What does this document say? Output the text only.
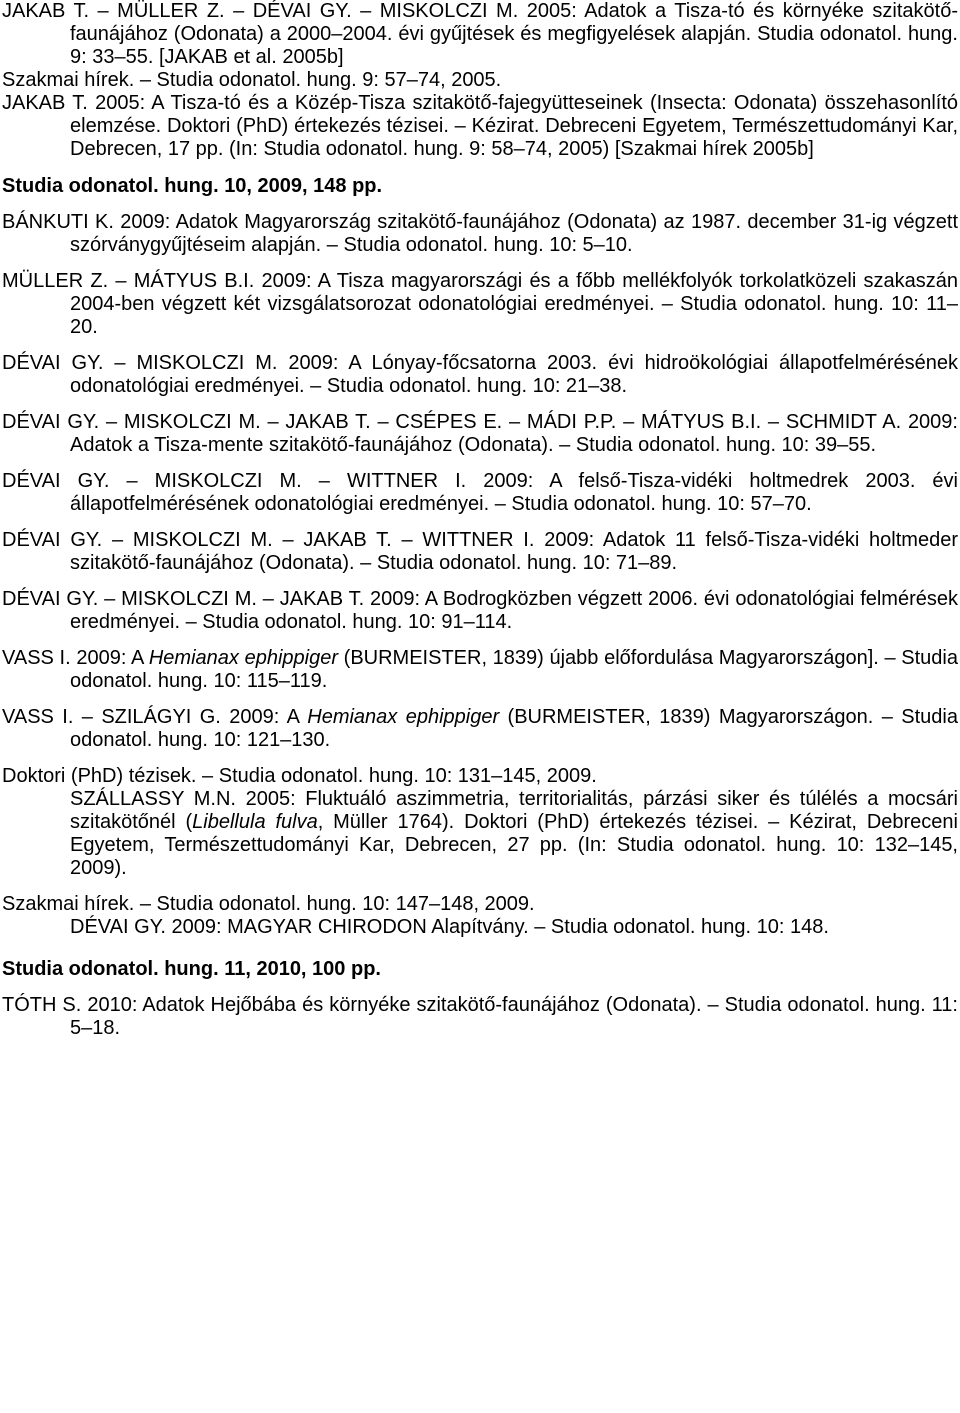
JAKAB T. – MÜLLER Z. – DÉVAI GY. – MISKOLCZI M. 2005: Adatok a Tisza-tó és környéke szitakötő-faunájához (Odonata) a 2000–2004. évi gyűjtések és megfigyelések alapján. Studia odonatol. hung. 9: 33–55. [JAKAB et al. 2005b]

Szakmai hírek. – Studia odonatol. hung. 9: 57–74, 2005.

JAKAB T. 2005: A Tisza-tó és a Közép-Tisza szitakötő-fajegyütteseinek (Insecta: Odonata) összehasonlító elemzése. Doktori (PhD) értekezés tézisei. – Kézirat. Debreceni Egyetem, Természettudományi Kar, Debrecen, 17 pp. (In: Studia odonatol. hung. 9: 58–74, 2005) [Szakmai hírek 2005b]

Studia odonatol. hung. 10, 2009, 148 pp.

BÁNKUTI K. 2009: Adatok Magyarország szitakötő-faunájához (Odonata) az 1987. december 31-ig végzett szórványgyűjtéseim alapján. – Studia odonatol. hung. 10: 5–10.

MÜLLER Z. – MÁTYUS B.I. 2009: A Tisza magyarországi és a főbb mellékfolyók torkolatközeli szakaszán 2004-ben végzett két vizsgálatsorozat odonatológiai eredményei. – Studia odonatol. hung. 10: 11–20.

DÉVAI GY. – MISKOLCZI M. 2009: A Lónyay-főcsatorna 2003. évi hidroökológiai állapotfelmérésének odonatológiai eredményei. – Studia odonatol. hung. 10: 21–38.

DÉVAI GY. – MISKOLCZI M. – JAKAB T. – CSÉPES E. – MÁDI P.P. – MÁTYUS B.I. – SCHMIDT A. 2009: Adatok a Tisza-mente szitakötő-faunájához (Odonata). – Studia odonatol. hung. 10: 39–55.

DÉVAI GY. – MISKOLCZI M. – WITTNER I. 2009: A felső-Tisza-vidéki holtmedrek 2003. évi állapotfelmérésének odonatológiai eredményei. – Studia odonatol. hung. 10: 57–70.

DÉVAI GY. – MISKOLCZI M. – JAKAB T. – WITTNER I. 2009: Adatok 11 felső-Tisza-vidéki holtmeder szitakötő-faunájához (Odonata). – Studia odonatol. hung. 10: 71–89.

DÉVAI GY. – MISKOLCZI M. – JAKAB T. 2009: A Bodrogközben végzett 2006. évi odonatológiai felmérések eredményei. – Studia odonatol. hung. 10: 91–114.

VASS I. 2009: A Hemianax ephippiger (BURMEISTER, 1839) újabb előfordulása Magyarországon]. – Studia odonatol. hung. 10: 115–119.

VASS I. – SZILÁGYI G. 2009: A Hemianax ephippiger (BURMEISTER, 1839) Magyarországon. – Studia odonatol. hung. 10: 121–130.

Doktori (PhD) tézisek. – Studia odonatol. hung. 10: 131–145, 2009.

SZÁLLASSY M.N. 2005: Fluktuáló aszimmetria, territorialitás, párzási siker és túlélés a mocsári szitakötőnél (Libellula fulva, Müller 1764). Doktori (PhD) értekezés tézisei. – Kézirat, Debreceni Egyetem, Természettudományi Kar, Debrecen, 27 pp. (In: Studia odonatol. hung. 10: 132–145, 2009).

Szakmai hírek. – Studia odonatol. hung. 10: 147–148, 2009.

DÉVAI GY. 2009: MAGYAR CHIRODON Alapítvány. – Studia odonatol. hung. 10: 148.

Studia odonatol. hung. 11, 2010, 100 pp.

TÓTH S. 2010: Adatok Hejőbába és környéke szitakötő-faunájához (Odonata). – Studia odonatol. hung. 11: 5–18.
